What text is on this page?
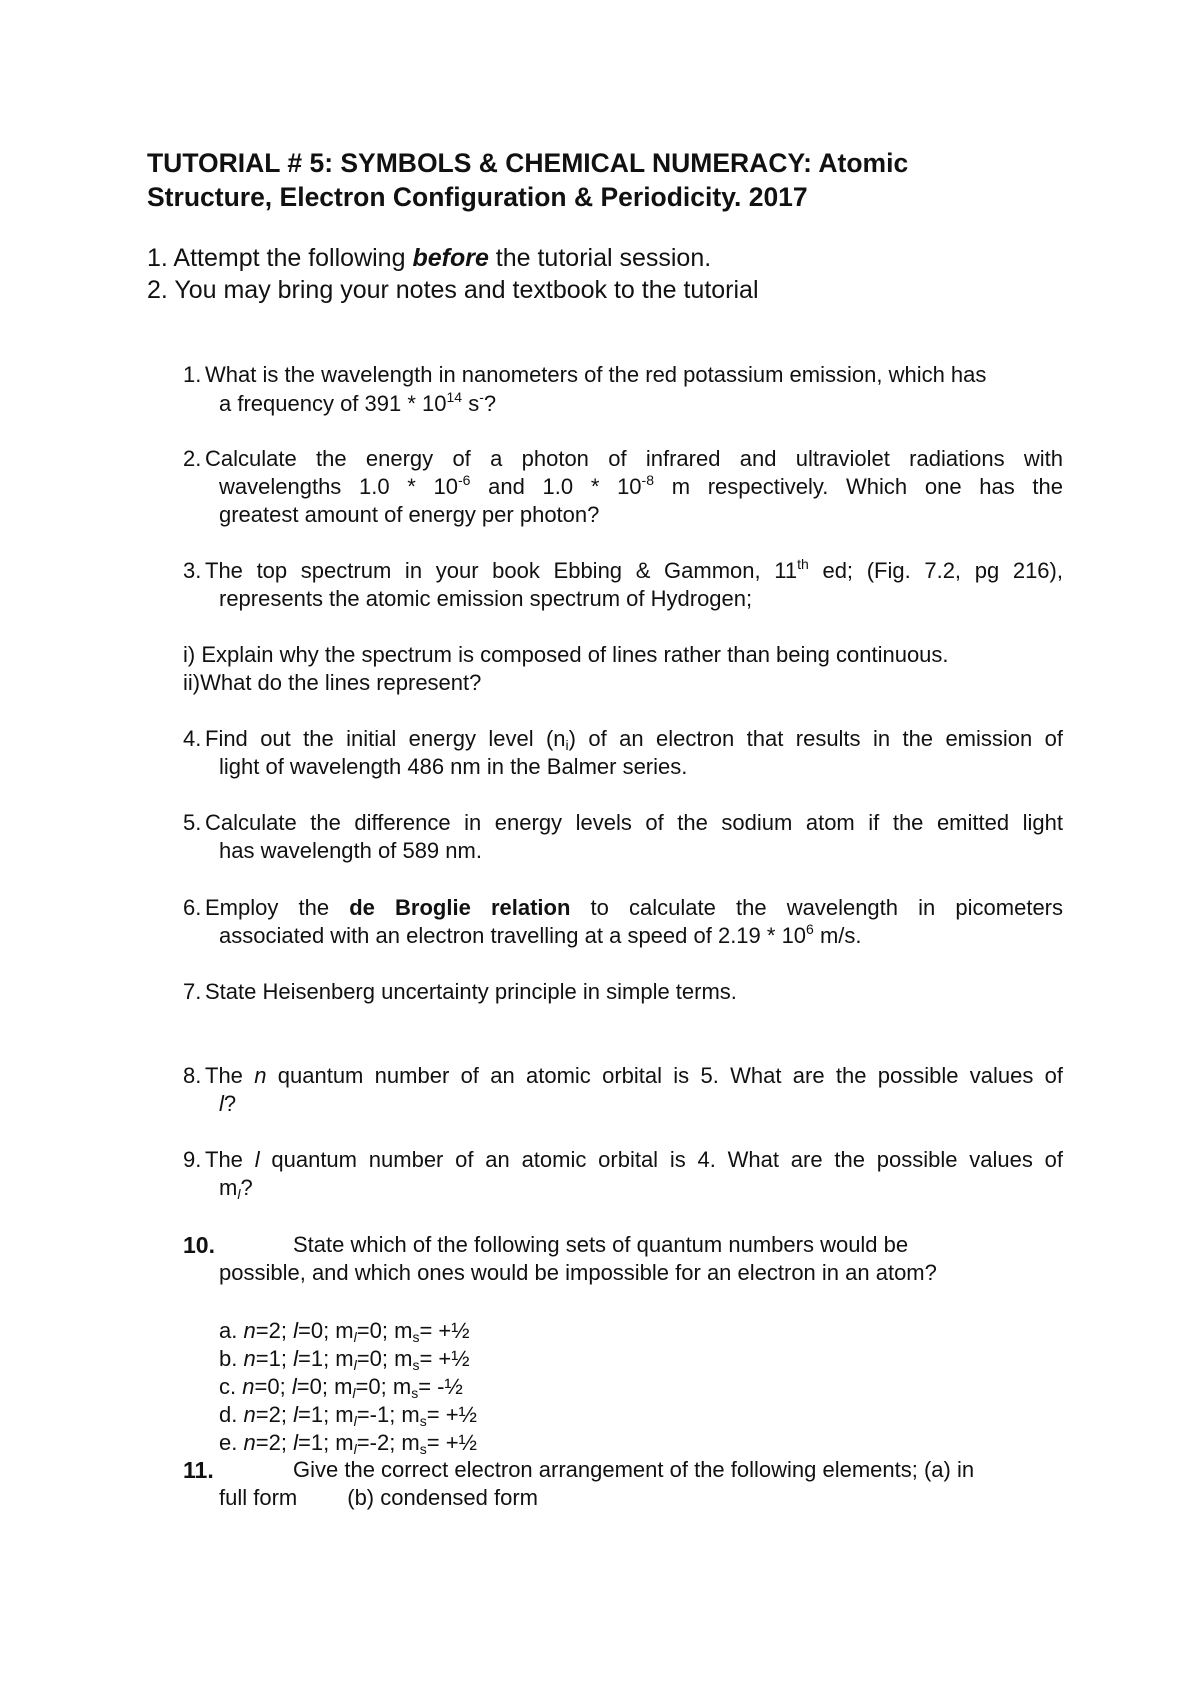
TUTORIAL # 5: SYMBOLS & CHEMICAL NUMERACY: Atomic
Structure, Electron Configuration & Periodicity. 2017
1. Attempt the following before the tutorial session.
2. You may bring your notes and textbook to the tutorial
1. What is the wavelength in nanometers of the red potassium emission, which has
a frequency of $391 * 10^{14}$ s-?
2. Calculate the energy of a photon of infrared and ultraviolet radiations with
wavelengths $1.0 * 10^{-6}$ and $1.0 * 10^{-8}$ m respectively. Which one has the
greatest amount of energy per photon?
3. The top spectrum in your book Ebbing & Gammon, 11th ed; (Fig. 7.2, pg 216),
represents the atomic emission spectrum of Hydrogen;
i) Explain why the spectrum is composed of lines rather than being continuous.
ii)What do the lines represent?
4. Find out the initial energy level $(n_i)$ of an electron that results in the emission of
light of wavelength 486 nm in the Balmer series.
5. Calculate the difference in energy levels of the sodium atom if the emitted light
has wavelength of 589 nm.
6. Employ the de Broglie relation to calculate the wavelength in picometers
associated with an electron travelling at a speed of $2.19 * 10^6$ m/s.
7. State Heisenberg uncertainty principle in simple terms.
8. The n quantum number of an atomic orbital is 5. What are the possible values of
l?
9. The l quantum number of an atomic orbital is 4. What are the possible values of
$m_l$?
10.	State which of the following sets of quantum numbers would be
possible, and which ones would be impossible for an electron in an atom?
a. n=2; l=0; $m_l=0$; $m_s=$ +½
b. n=1; l=1; $m_l=0$; $m_s=$ +½
c. n=0; l=0; $m_l=0$; $m_s=$ -½
d. n=2; l=1; $m_l=-1$; $m_s=$ +½
e. n=2; l=1; $m_l=-2$; $m_s=$ +½
11.	Give the correct electron arrangement of the following elements; (a) in
full form (b) condensed form
